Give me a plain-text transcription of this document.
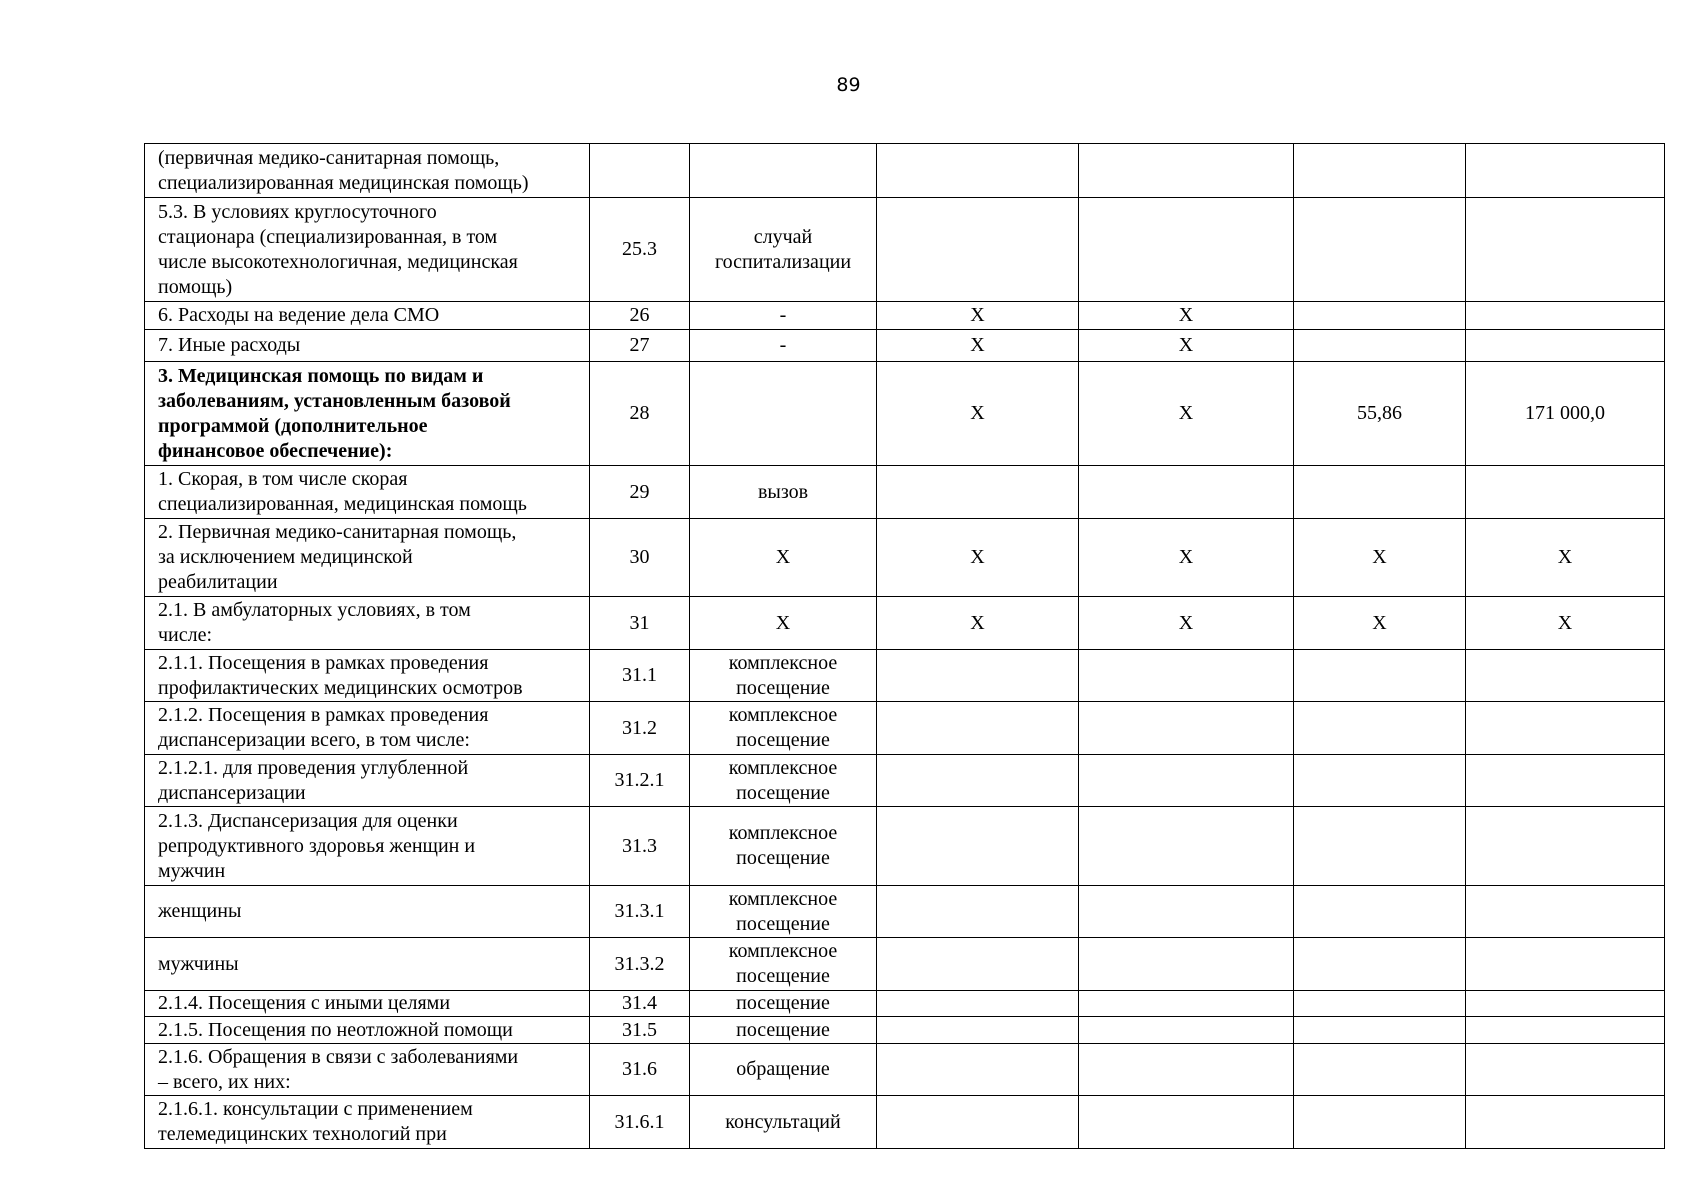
89
(первичная медико-санитарная помощь,
специализированная медицинская помощь)						
5.3. В условиях круглосуточного
стационара (специализированная, в том
числе высокотехнологичная, медицинская
помощь)	25.3	случай
госпитализации				
6. Расходы на ведение дела СМО	26	-	Х	Х		
7. Иные расходы	27	-	Х	Х		
3. Медицинская помощь по видам и
заболеваниям, установленным базовой
программой (дополнительное
финансовое обеспечение):	28		Х	Х	55,86	171 000,0
1. Скорая, в том числе скорая
специализированная, медицинская помощь	29	вызов				
2. Первичная медико-санитарная помощь,
за исключением медицинской
реабилитации	30	Х	Х	Х	Х	Х
2.1. В амбулаторных условиях, в том
числе:	31	Х	Х	Х	Х	Х
2.1.1. Посещения в рамках проведения
профилактических медицинских осмотров	31.1	комплексное
посещение				
2.1.2. Посещения в рамках проведения
диспансеризации всего, в том числе:	31.2	комплексное
посещение				
2.1.2.1. для проведения углубленной
диспансеризации	31.2.1	комплексное
посещение				
2.1.3. Диспансеризация для оценки
репродуктивного здоровья женщин и
мужчин	31.3	комплексное
посещение				
женщины	31.3.1	комплексное
посещение				
мужчины	31.3.2	комплексное
посещение				
2.1.4. Посещения с иными целями	31.4	посещение				
2.1.5. Посещения по неотложной помощи	31.5	посещение				
2.1.6. Обращения в связи с заболеваниями
– всего, их них:	31.6	обращение				
2.1.6.1. консультации с применением
телемедицинских технологий при	31.6.1	консультаций				
